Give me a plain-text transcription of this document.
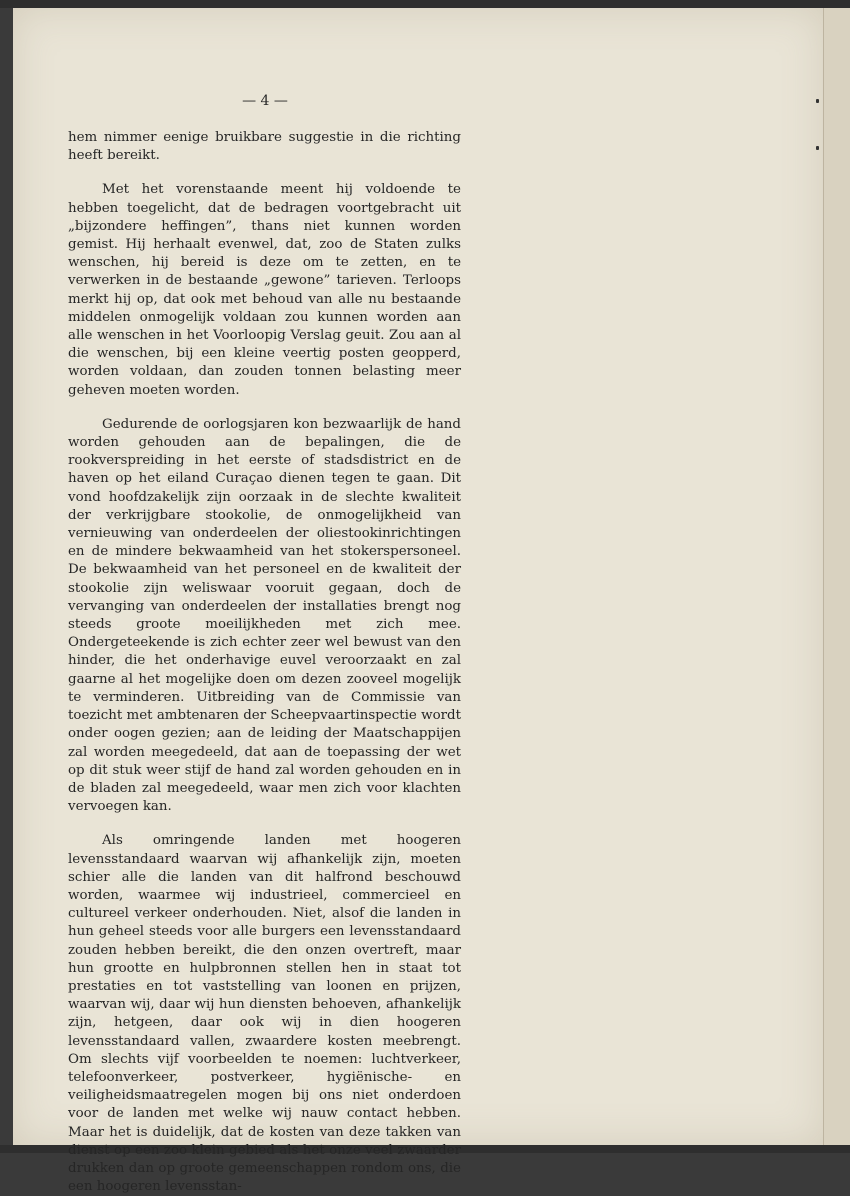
— 4 —

hem nimmer eenige bruikbare suggestie in die richting heeft bereikt.

Met het vorenstaande meent hij voldoende te hebben toegelicht, dat de bedragen voortgebracht uit „bijzondere heffingen”, thans niet kunnen worden gemist. Hij herhaalt evenwel, dat, zoo de Staten zulks wenschen, hij bereid is deze om te zetten, en te verwerken in de bestaande „gewone” tarieven. Terloops merkt hij op, dat ook met behoud van alle nu bestaande middelen onmogelijk voldaan zou kunnen worden aan alle wenschen in het Voorloopig Verslag geuit. Zou aan al die wenschen, bij een kleine veertig posten geopperd, worden voldaan, dan zouden tonnen belasting meer geheven moeten worden.

Gedurende de oorlogsjaren kon bezwaarlijk de hand worden gehouden aan de bepalingen, die de rookverspreiding in het eerste of stadsdistrict en de haven op het eiland Curaçao dienen tegen te gaan. Dit vond hoofdzakelijk zijn oorzaak in de slechte kwaliteit der verkrijgbare stookolie, de onmogelijkheid van vernieuwing van onderdeelen der oliestookinrichtingen en de mindere bekwaamheid van het stokerspersoneel. De bekwaamheid van het personeel en de kwaliteit der stookolie zijn weliswaar vooruit gegaan, doch de vervanging van onderdeelen der installaties brengt nog steeds groote moeilijkheden met zich mee. Ondergeteekende is zich echter zeer wel bewust van den hinder, die het onderhavige euvel veroorzaakt en zal gaarne al het mogelijke doen om dezen zooveel mogelijk te verminderen. Uitbreiding van de Commissie van toezicht met ambtenaren der Scheepvaartinspectie wordt onder oogen gezien; aan de leiding der Maatschappijen zal worden meegedeeld, dat aan de toepassing der wet op dit stuk weer stijf de hand zal worden gehouden en in de bladen zal meegedeeld, waar men zich voor klachten vervoegen kan.

Als omringende landen met hoogeren levensstandaard waarvan wij afhankelijk zijn, moeten schier alle die landen van dit halfrond beschouwd worden, waarmee wij industrieel, commercieel en cultureel verkeer onderhouden. Niet, alsof die landen in hun geheel steeds voor alle burgers een levensstandaard zouden hebben bereikt, die den onzen overtreft, maar hun grootte en hulpbronnen stellen hen in staat tot prestaties en tot vaststelling van loonen en prijzen, waarvan wij, daar wij hun diensten behoeven, afhankelijk zijn, hetgeen, daar ook wij in dien hoogeren levensstandaard vallen, zwaardere kosten meebrengt. Om slechts vijf voorbeelden te noemen: luchtverkeer, telefoonverkeer, postverkeer, hygiënische- en veiligheidsmaatregelen mogen bij ons niet onderdoen voor de landen met welke wij nauw contact hebben. Maar het is duidelijk, dat de kosten van deze takken van dienst op een zoo klein gebied als het onze veel zwaarder drukken dan op groote gemeenschappen rondom ons, die een hoogeren levensstan-
